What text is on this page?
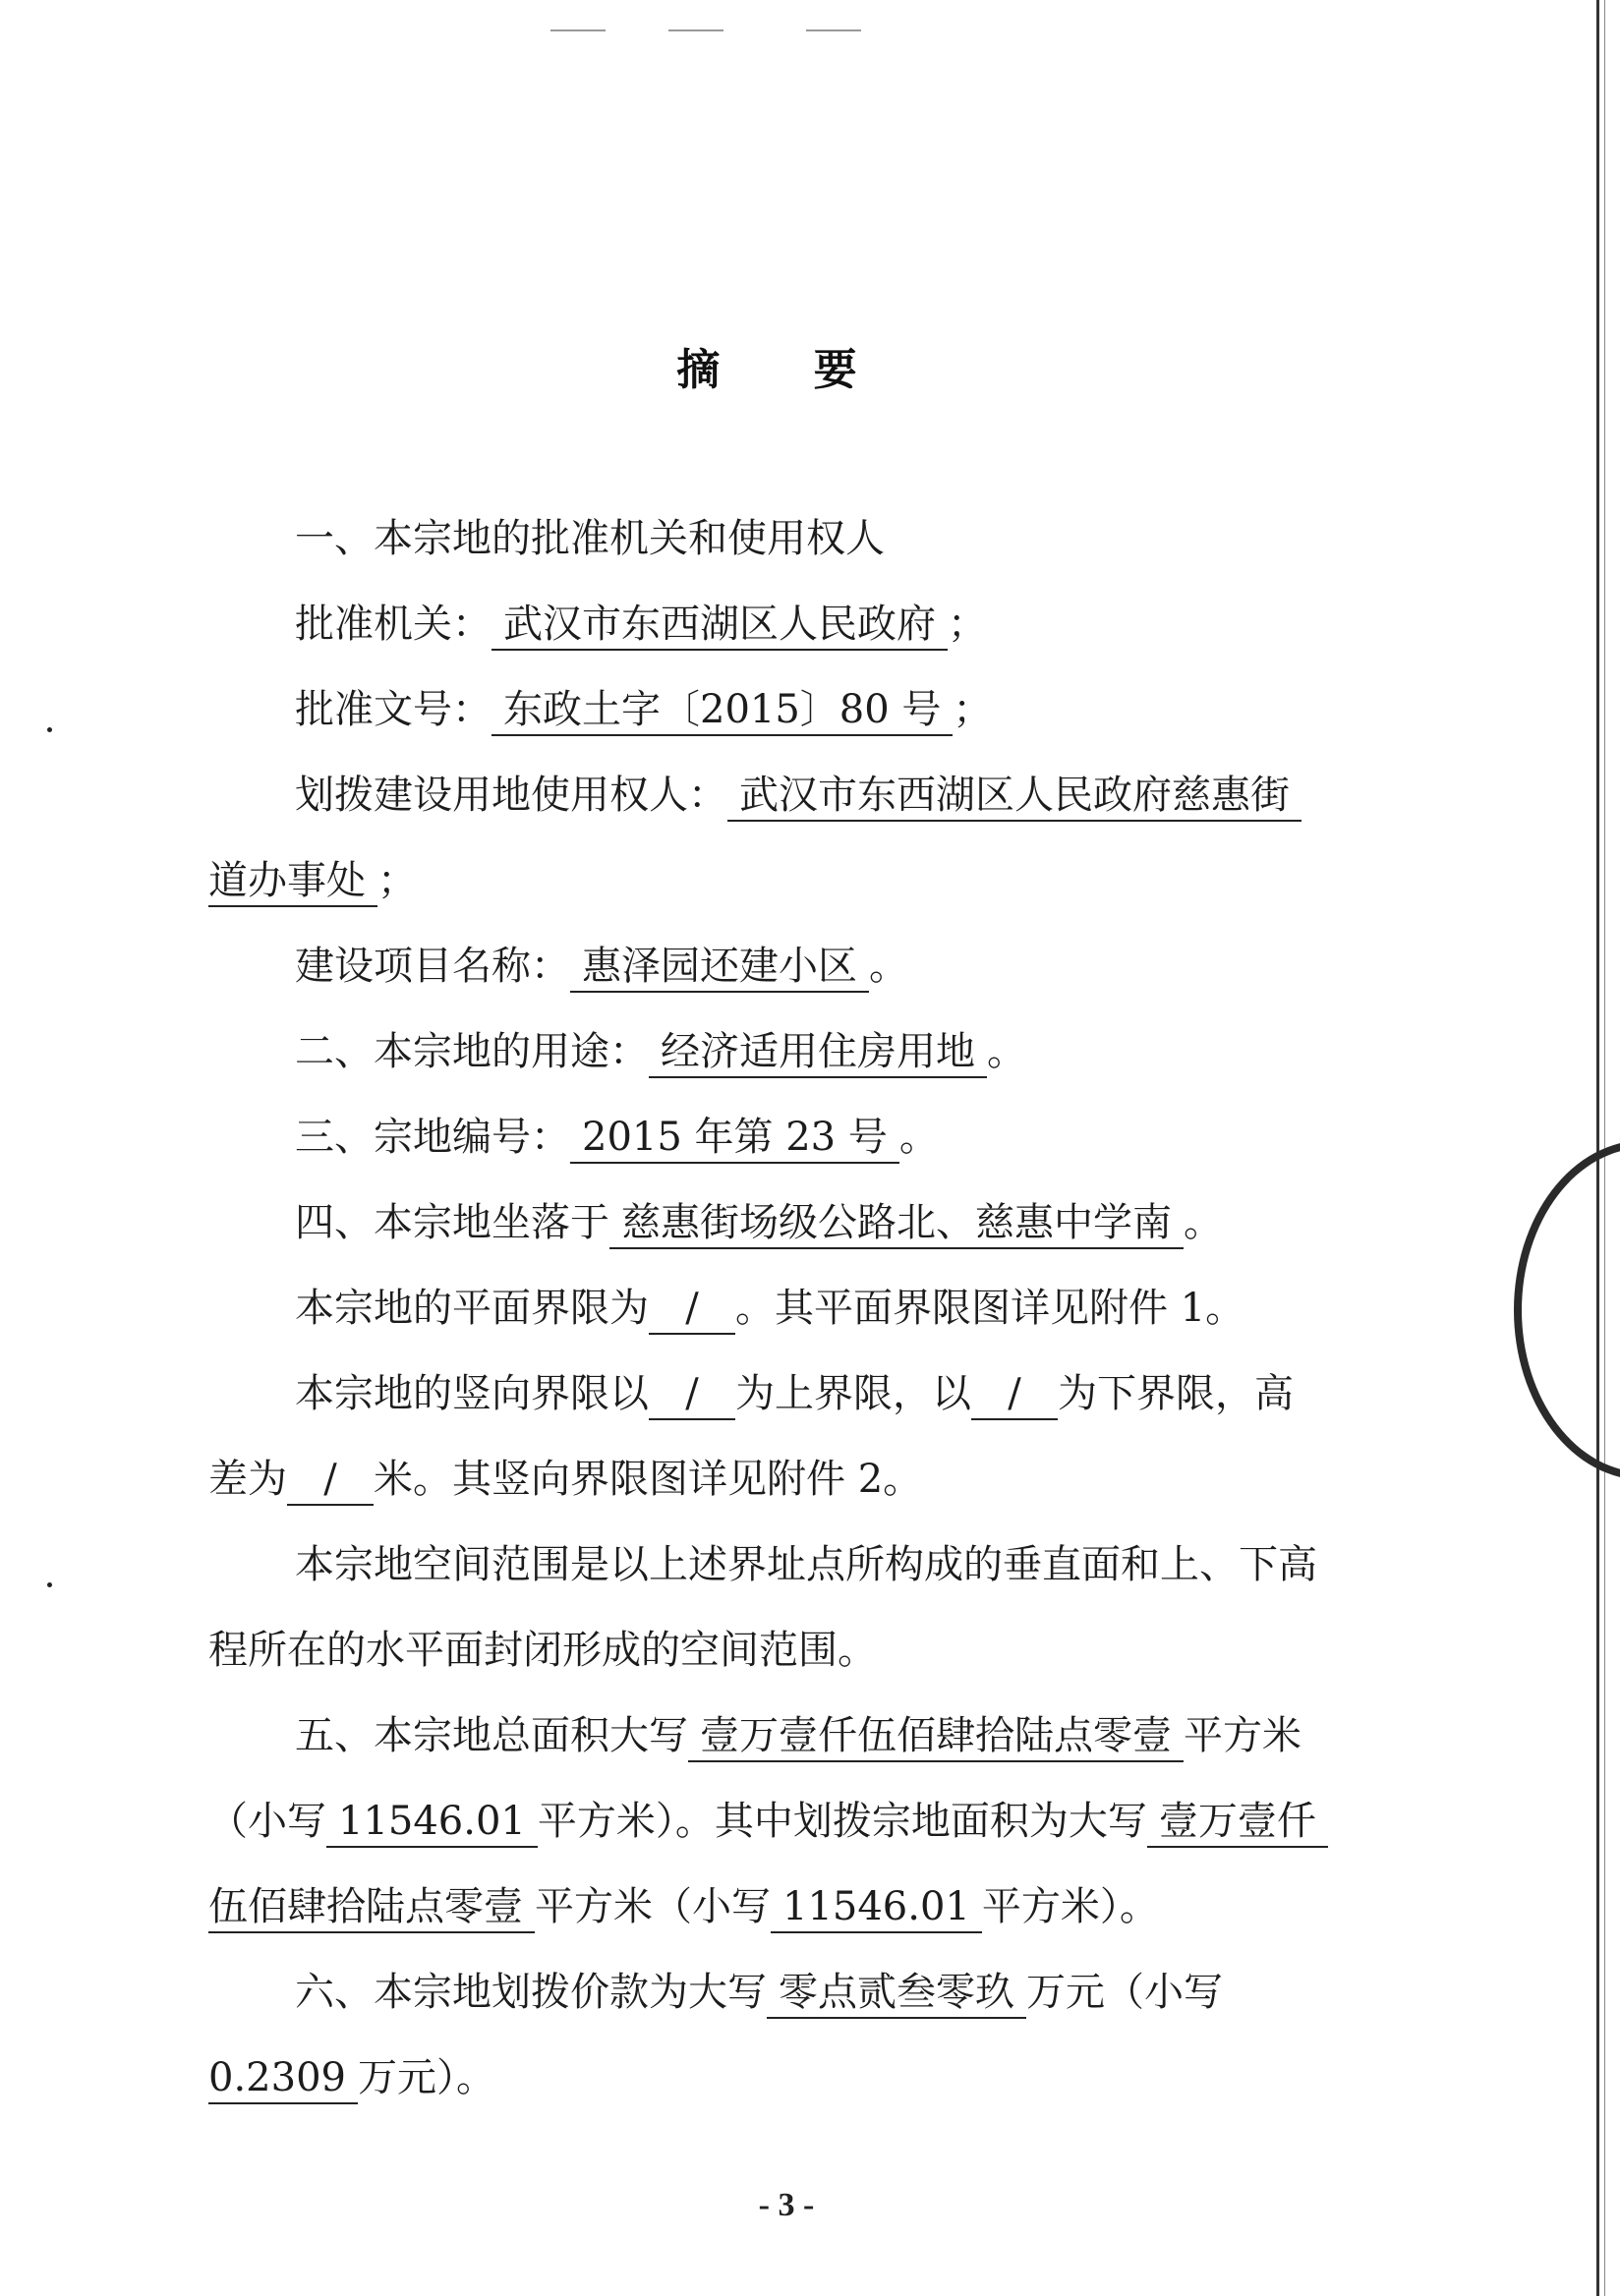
摘 要
一、本宗地的批准机关和使用权人
批准机关： 武汉市东西湖区人民政府 ；
批准文号： 东政土字〔2015〕80 号 ；
划拨建设用地使用权人： 武汉市东西湖区人民政府慈惠街
道办事处 ；
建设项目名称： 惠泽园还建小区 。
二、本宗地的用途： 经济适用住房用地 。
三、宗地编号： 2015 年第 23 号 。
四、本宗地坐落于 慈惠街场级公路北、慈惠中学南 。
本宗地的平面界限为 / 。其平面界限图详见附件 1。
本宗地的竖向界限以 / 为上界限，以 / 为下界限，高
差为 / 米。其竖向界限图详见附件 2。
本宗地空间范围是以上述界址点所构成的垂直面和上、下高
程所在的水平面封闭形成的空间范围。
五、本宗地总面积大写 壹万壹仟伍佰肆拾陆点零壹 平方米
（小写 11546.01 平方米）。其中划拨宗地面积为大写 壹万壹仟
伍佰肆拾陆点零壹 平方米（小写 11546.01 平方米）。
六、本宗地划拨价款为大写 零点贰叁零玖 万元（小写
0.2309 万元）。
- 3 -
